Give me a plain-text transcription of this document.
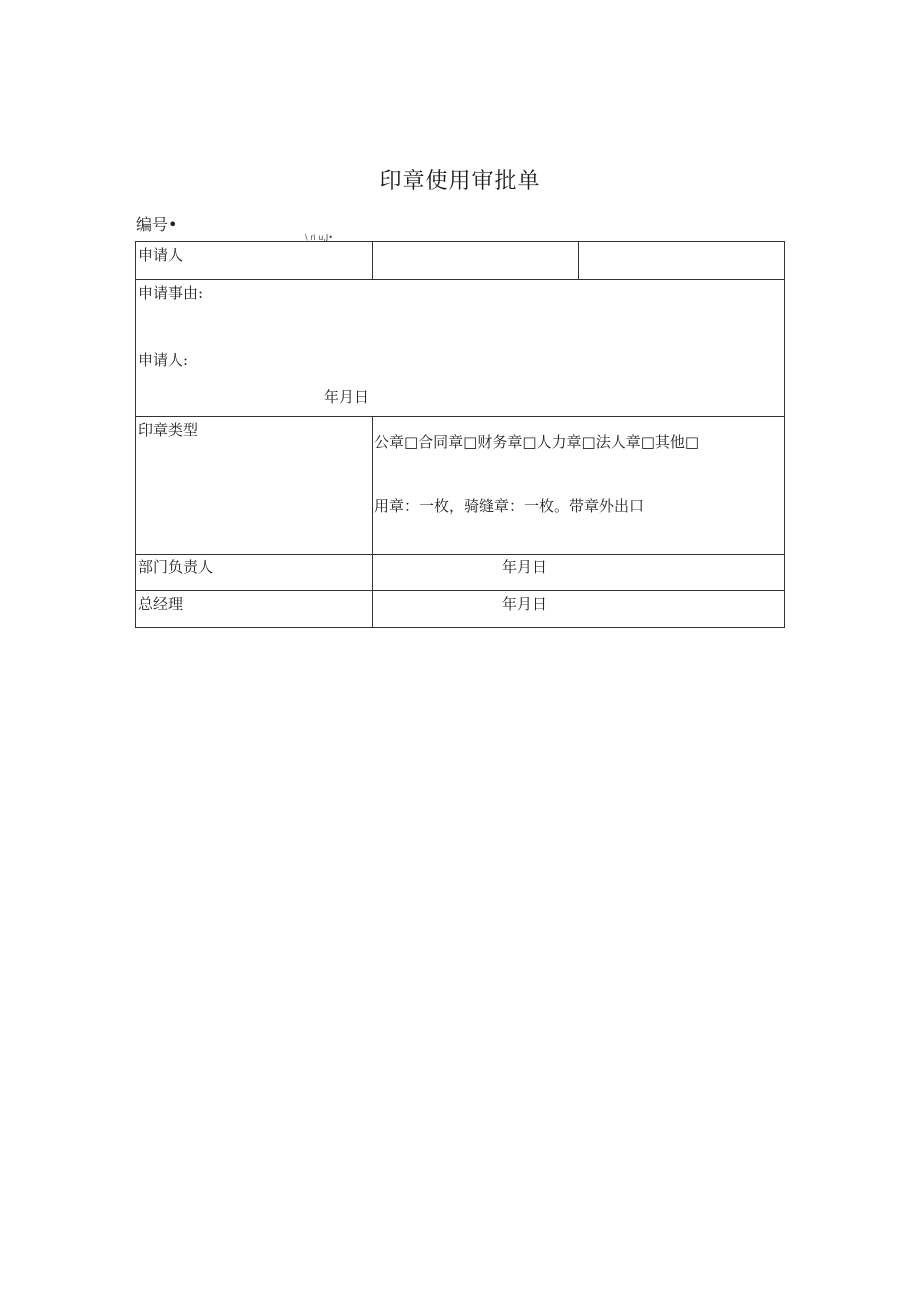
印章使用审批单
编号•
\ ri u,J•
申请人
申请事由:
申请人:
年月日
印章类型
公章□合同章□财务章□人力章□法人章□其他□
用章：一枚，骑缝章：一枚。带章外出口
部门负责人	年月日
总经理	年月日
